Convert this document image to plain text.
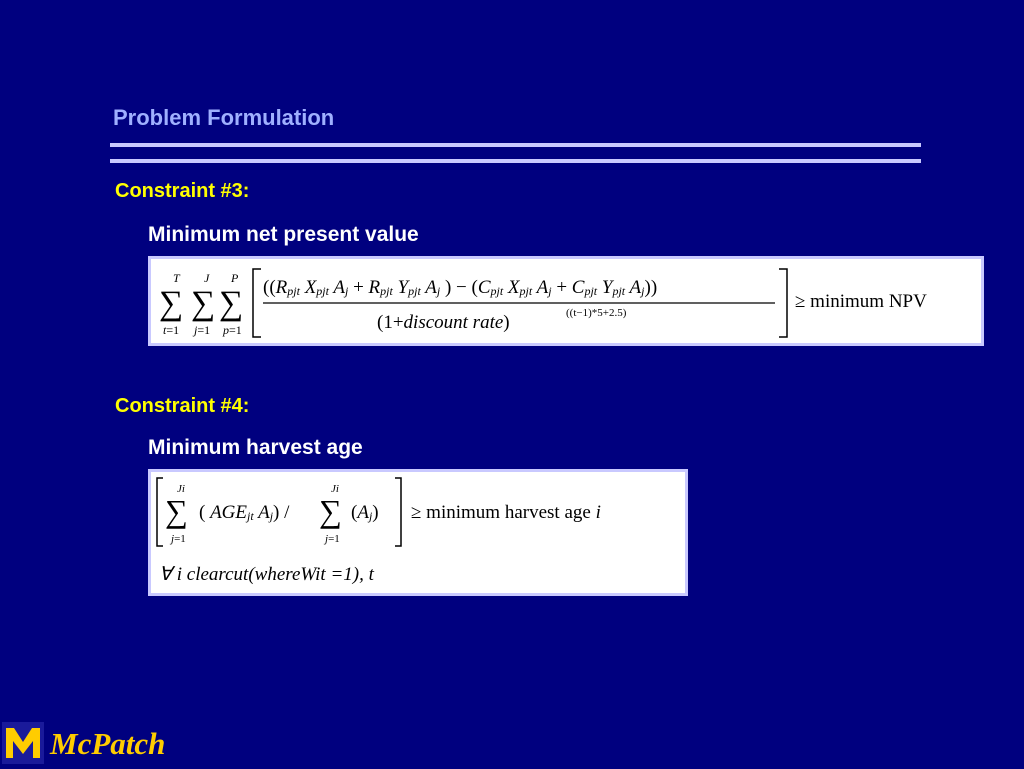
Problem Formulation
Constraint #3:
Minimum net present value
T
∑
t=1
J
∑
j=1
P
∑
p=1
((Rpjt Xpjt Aj + Rpjt Ypjt Aj ) − (Cpjt Xpjt Aj + Cpjt Ypjt Aj))
(1+discount rate)	((t−1)*5+2.5)
≥ minimum NPV
Constraint #4:
Minimum harvest age
Ji
∑
j=1
( AGEjt Aj) /
Ji
∑
j=1
(Aj) ≥ minimum harvest age i
∀ i clearcut(whereWit =1), t
McPatch
